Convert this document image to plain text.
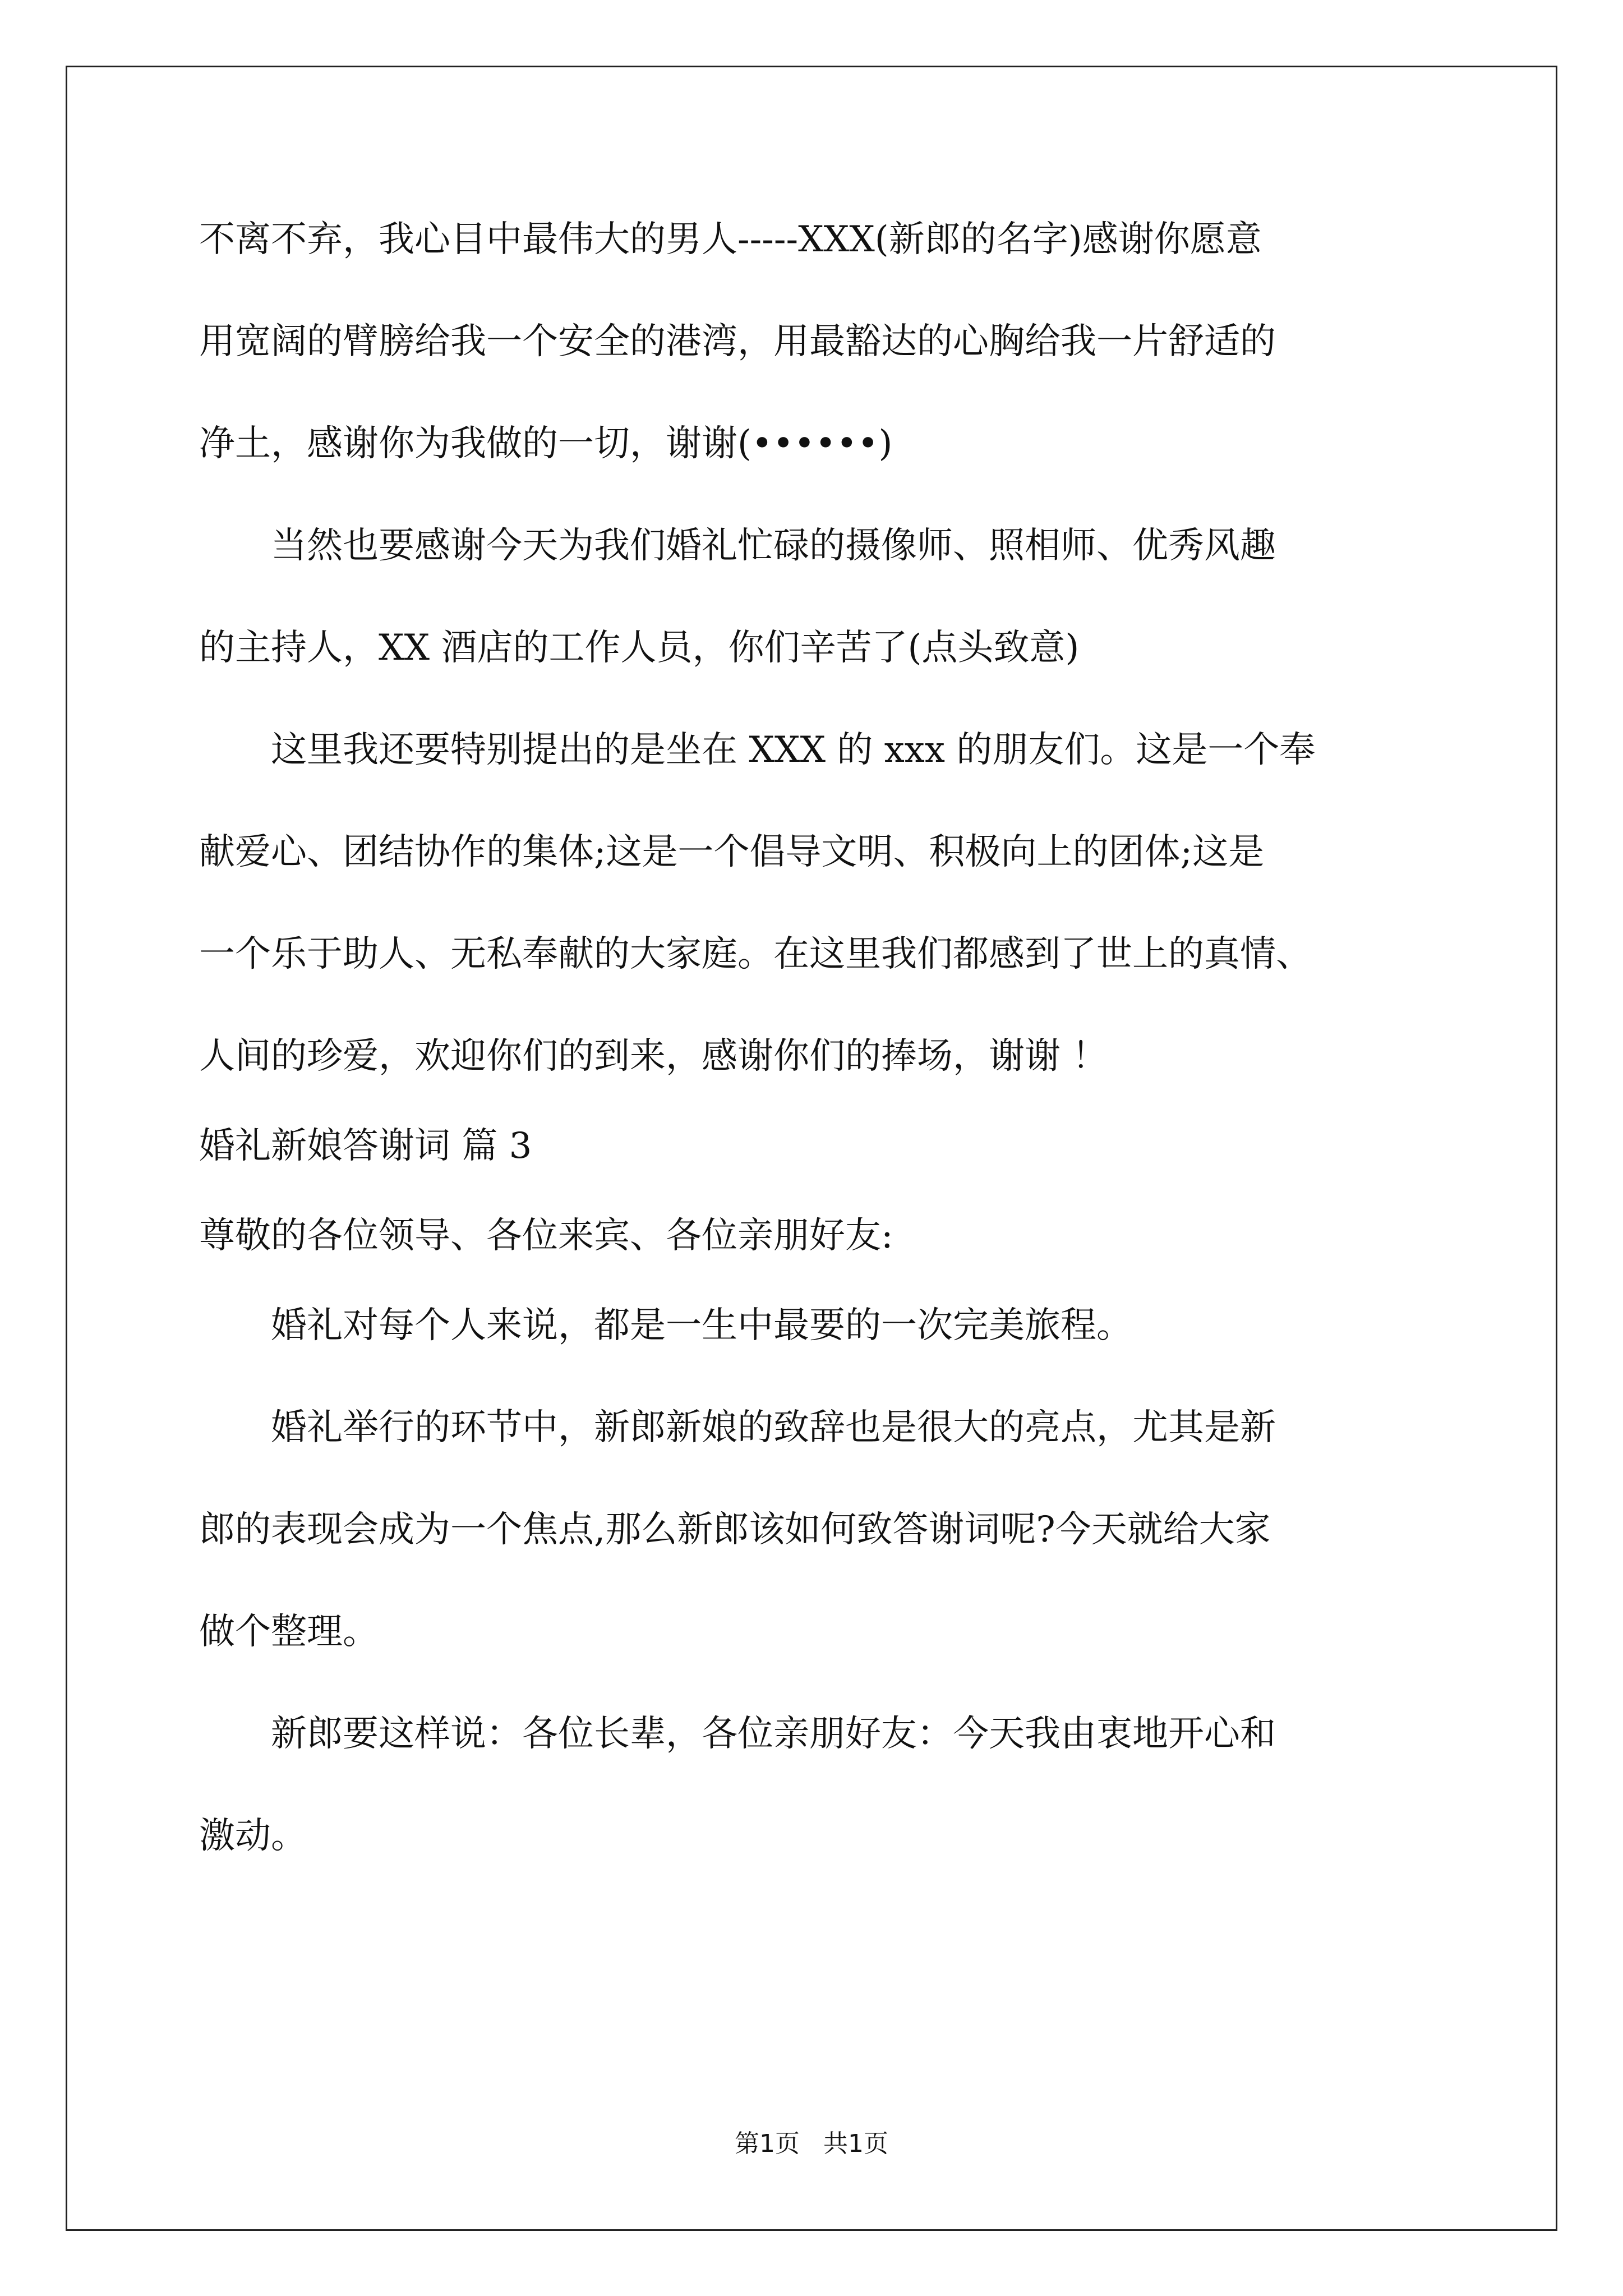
不离不弃，我心目中最伟大的男人-----XXX(新郎的名字)感谢你愿意

用宽阔的臂膀给我一个安全的港湾，用最豁达的心胸给我一片舒适的

净土，感谢你为我做的一切，谢谢(••••••)

　　当然也要感谢今天为我们婚礼忙碌的摄像师、照相师、优秀风趣

的主持人，XX 酒店的工作人员，你们辛苦了(点头致意)

　　这里我还要特别提出的是坐在 XXX 的 xxx 的朋友们。这是一个奉

献爱心、团结协作的集体;这是一个倡导文明、积极向上的团体;这是

一个乐于助人、无私奉献的大家庭。在这里我们都感到了世上的真情、

人间的珍爱，欢迎你们的到来，感谢你们的捧场，谢谢 ！

婚礼新娘答谢词 篇 3

尊敬的各位领导、各位来宾、各位亲朋好友:

　　婚礼对每个人来说，都是一生中最要的一次完美旅程。

　　婚礼举行的环节中，新郎新娘的致辞也是很大的亮点，尤其是新

郎的表现会成为一个焦点,那么新郎该如何致答谢词呢?今天就给大家

做个整理。

　　新郎要这样说：各位长辈，各位亲朋好友：今天我由衷地开心和

激动。

第1页   共1页
